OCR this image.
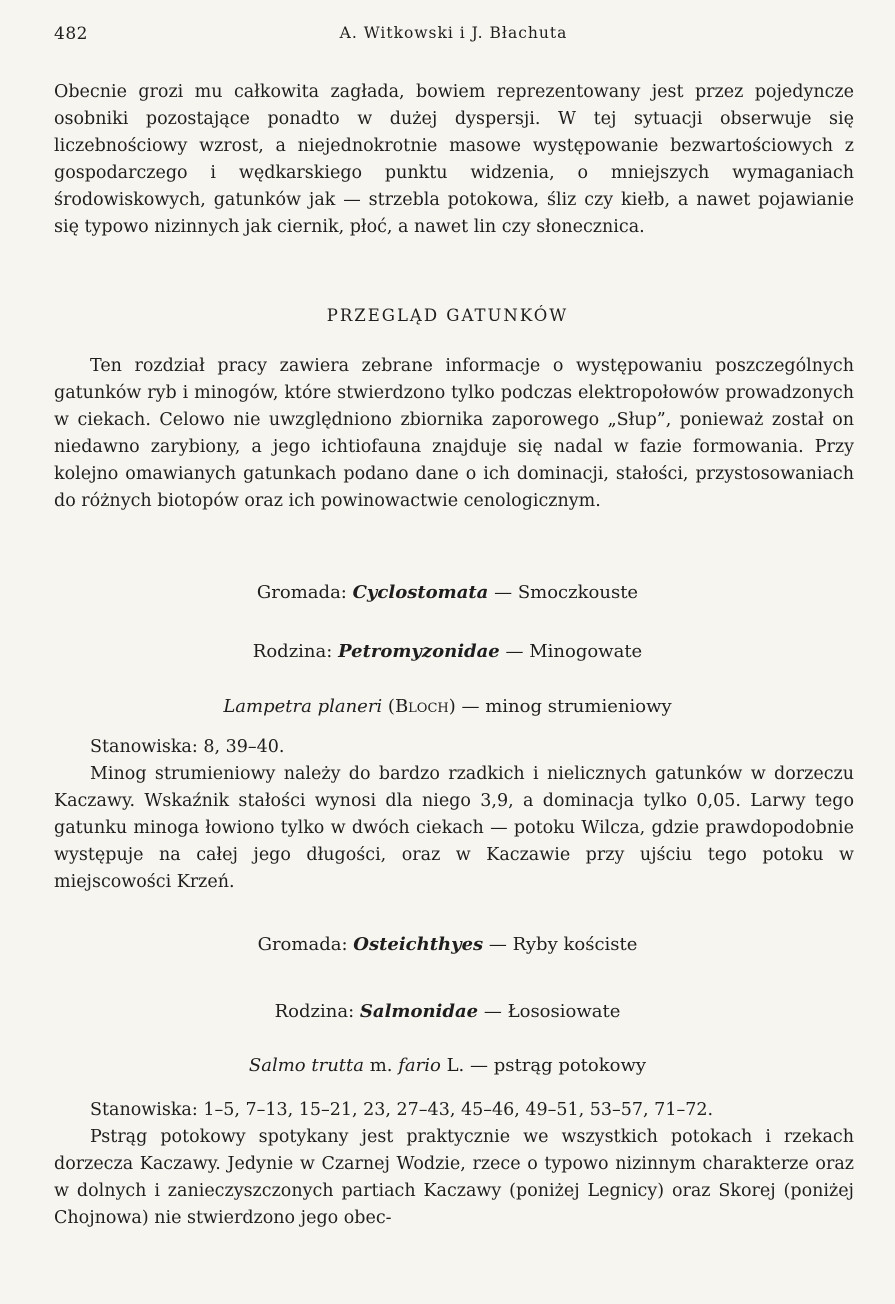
482	A. Witkowski i J. Błachuta
Obecnie grozi mu całkowita zagłada, bowiem reprezentowany jest przez pojedyncze osobniki pozostające ponadto w dużej dyspersji. W tej sytuacji obserwuje się liczebnościowy wzrost, a niejednokrotnie masowe występowanie bezwartościowych z gospodarczego i wędkarskiego punktu widzenia, o mniejszych wymaganiach środowiskowych, gatunków jak — strzebla potokowa, śliz czy kiełb, a nawet pojawianie się typowo nizinnych jak ciernik, płoć, a nawet lin czy słonecznica.
PRZEGLĄD GATUNKÓW
Ten rozdział pracy zawiera zebrane informacje o występowaniu poszczególnych gatunków ryb i minogów, które stwierdzono tylko podczas elektropołowów prowadzonych w ciekach. Celowo nie uwzględniono zbiornika zaporowego „Słup”, ponieważ został on niedawno zarybiony, a jego ichtiofauna znajduje się nadal w fazie formowania. Przy kolejno omawianych gatunkach podano dane o ich dominacji, stałości, przystosowaniach do różnych biotopów oraz ich powinowactwie cenologicznym.
Gromada: Cyclostomata — Smoczkouste
Rodzina: Petromyzonidae — Minogowate
Lampetra planeri (Bloch) — minog strumieniowy
Stanowiska: 8, 39–40.
Minog strumieniowy należy do bardzo rzadkich i nielicznych gatunków w dorzeczu Kaczawy. Wskaźnik stałości wynosi dla niego 3,9, a dominacja tylko 0,05. Larwy tego gatunku minoga łowiono tylko w dwóch ciekach — potoku Wilcza, gdzie prawdopodobnie występuje na całej jego długości, oraz w Kaczawie przy ujściu tego potoku w miejscowości Krzeń.
Gromada: Osteichthyes — Ryby kościste
Rodzina: Salmonidae — Łososiowate
Salmo trutta m. fario L. — pstrąg potokowy
Stanowiska: 1–5, 7–13, 15–21, 23, 27–43, 45–46, 49–51, 53–57, 71–72.
Pstrąg potokowy spotykany jest praktycznie we wszystkich potokach i rzekach dorzecza Kaczawy. Jedynie w Czarnej Wodzie, rzece o typowo nizinnym charakterze oraz w dolnych i zanieczyszczonych partiach Kaczawy (poniżej Legnicy) oraz Skorej (poniżej Chojnowa) nie stwierdzono jego obec-
